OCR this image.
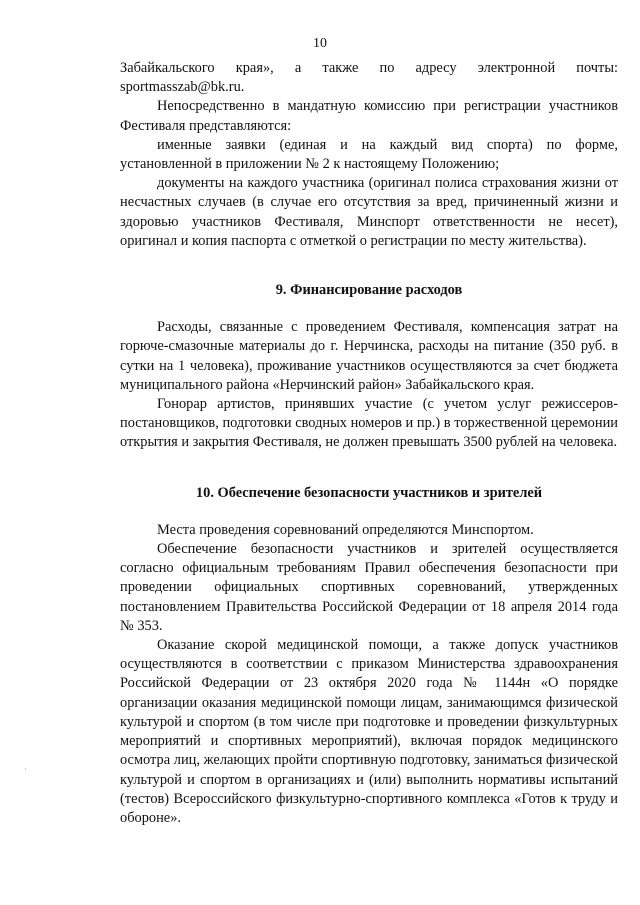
10
Забайкальского края», а также по адресу электронной почты:

sportmasszab@bk.ru.

Непосредственно в мандатную комиссию при регистрации участников Фестиваля представляются:

именные заявки (единая и на каждый вид спорта) по форме, установленной в приложении № 2 к настоящему Положению;

документы на каждого участника (оригинал полиса страхования жизни от несчастных случаев (в случае его отсутствия за вред, причиненный жизни и здоровью участников Фестиваля, Минспорт ответственности не несет), оригинал и копия паспорта с отметкой о регистрации по месту жительства).

9. Финансирование расходов

Расходы, связанные с проведением Фестиваля, компенсация затрат на горюче-смазочные материалы до г. Нерчинска, расходы на питание (350 руб. в сутки на 1 человека), проживание участников осуществляются за счет бюджета муниципального района «Нерчинский район» Забайкальского края.

Гонорар артистов, принявших участие (с учетом услуг режиссеров-постановщиков, подготовки сводных номеров и пр.) в торжественной церемонии открытия и закрытия Фестиваля, не должен превышать 3500 рублей на человека.

10. Обеспечение безопасности участников и зрителей

Места проведения соревнований определяются Минспортом.

Обеспечение безопасности участников и зрителей осуществляется согласно официальным требованиям Правил обеспечения безопасности при проведении официальных спортивных соревнований, утвержденных постановлением Правительства Российской Федерации от 18 апреля 2014 года № 353.

Оказание скорой медицинской помощи, а также допуск участников осуществляются в соответствии с приказом Министерства здравоохранения Российской Федерации от 23 октября 2020 года № 1144н «О порядке организации оказания медицинской помощи лицам, занимающимся физической культурой и спортом (в том числе при подготовке и проведении физкультурных мероприятий и спортивных мероприятий), включая порядок медицинского осмотра лиц, желающих пройти спортивную подготовку, заниматься физической культурой и спортом в организациях и (или) выполнить нормативы испытаний (тестов) Всероссийского физкультурно-спортивного комплекса «Готов к труду и обороне».

·
